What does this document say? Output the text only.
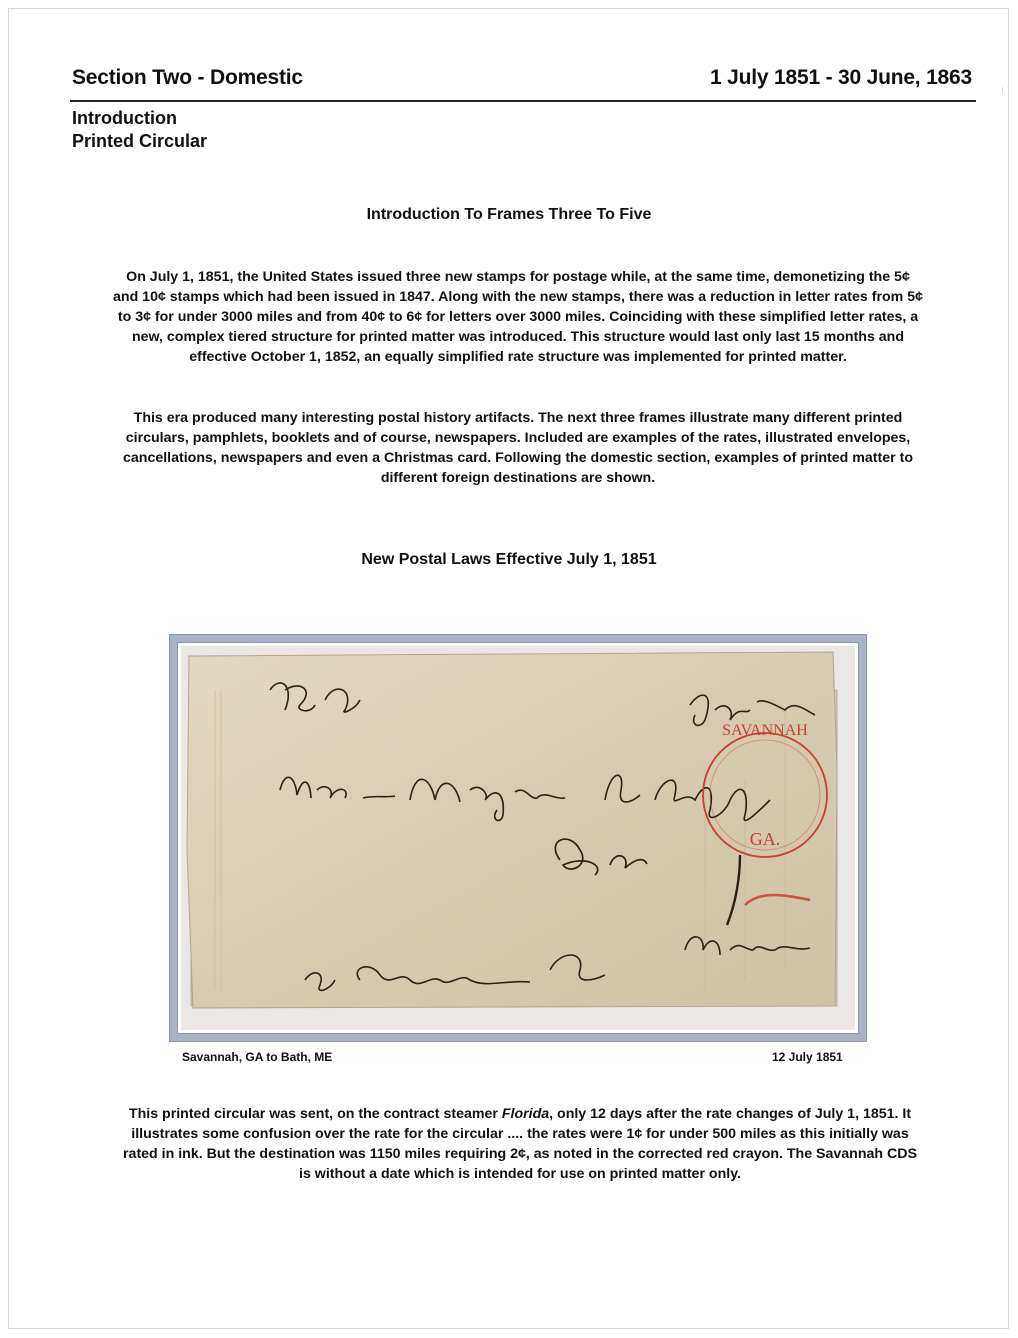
Section Two - Domestic	1 July 1851 - 30 June, 1863
Introduction
Printed Circular
⁝
Introduction To Frames Three To Five
On July 1, 1851, the United States issued three new stamps for postage while, at the same time, demonetizing the 5¢ and 10¢ stamps which had been issued in 1847. Along with the new stamps, there was a reduction in letter rates from 5¢ to 3¢ for under 3000 miles and from 40¢ to 6¢ for letters over 3000 miles. Coinciding with these simplified letter rates, a new, complex tiered structure for printed matter was introduced. This structure would last only last 15 months and effective October 1, 1852, an equally simplified rate structure was implemented for printed matter.
This era produced many interesting postal history artifacts. The next three frames illustrate many different printed circulars, pamphlets, booklets and of course, newspapers. Included are examples of the rates, illustrated envelopes, cancellations, newspapers and even a Christmas card. Following the domestic section, examples of printed matter to different foreign destinations are shown.
New Postal Laws Effective July 1, 1851
SAVANNAH
GA.
Savannah, GA to Bath, ME	12 July 1851
This printed circular was sent, on the contract steamer Florida, only 12 days after the rate changes of July 1, 1851. It illustrates some confusion over the rate for the circular .... the rates were 1¢ for under 500 miles as this initially was rated in ink. But the destination was 1150 miles requiring 2¢, as noted in the corrected red crayon. The Savannah CDS is without a date which is intended for use on printed matter only.
